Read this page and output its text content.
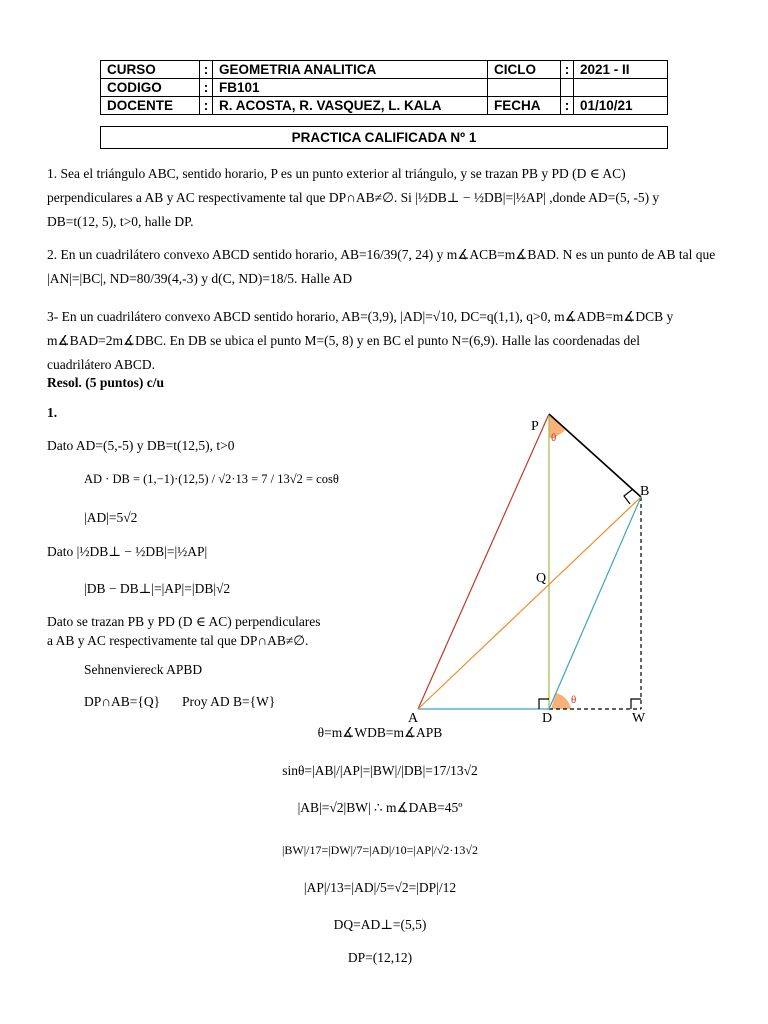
CURSO	:	GEOMETRIA ANALITICA	CICLO	:	2021 - II
CODIGO	:	FB101			
DOCENTE	:	R. ACOSTA, R. VASQUEZ, L. KALA	FECHA	:	01/10/21
PRACTICA CALIFICADA Nº 1
1. Sea el triángulo ABC, sentido horario, P es un punto exterior al triángulo, y se trazan PB y PD (D ∈ AC)
perpendiculares a AB y AC respectivamente tal que DP∩AB≠∅. Si |½DB⊥ − ½DB|=|½AP| ,donde AD=(5, -5) y
DB=t(12, 5), t>0, halle DP.
2. En un cuadrilátero convexo ABCD sentido horario, AB=16/39(7, 24) y m∡ACB=m∡BAD. N es un punto de AB tal que
|AN|=|BC|, ND=80/39(4,-3) y d(C, ND)=18/5. Halle AD
3- En un cuadrilátero convexo ABCD sentido horario, AB=(3,9), |AD|=√10, DC=q(1,1), q>0, m∡ADB=m∡DCB y
m∡BAD=2m∡DBC. En DB se ubica el punto M=(5, 8) y en BC el punto N=(6,9). Halle las coordenadas del
cuadrilátero ABCD.
Resol. (5 puntos) c/u
1.
Dato AD=(5,-5) y DB=t(12,5), t>0
AD · DB = (1,−1)·(12,5) / √2·13 = 7 / 13√2 = cosθ
|AD|=5√2
Dato |½DB⊥ − ½DB|=|½AP|
|DB − DB⊥|=|AP|=|DB|√2
Dato se trazan PB y PD (D ∈ AC) perpendiculares
a AB y AC respectivamente tal que DP∩AB≠∅.
Sehnenviereck APBD
DP∩AB={Q} Proy AD B={W}
θ=m∡WDB=m∡APB
sinθ=|AB|/|AP|=|BW|/|DB|=17/13√2
|AB|=√2|BW| ∴ m∡DAB=45º
|BW|/17=|DW|/7=|AD|/10=|AP|/√2·13√2
|AP|/13=|AD|/5=√2=|DP|/12
DQ=AD⊥=(5,5)
DP=(12,12)
P
B
Q
A	D	W
θ
θ
